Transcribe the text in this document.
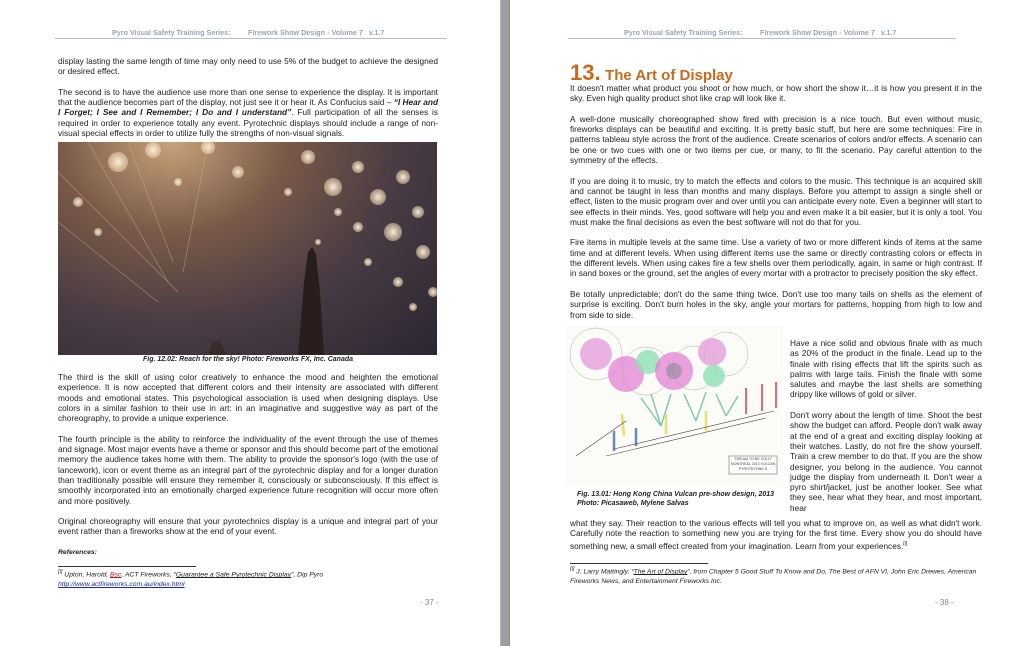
Pyro Visual Safety Training Series: Firework Show Design - Volume 7   v.1.7

display lasting the same length of time may only need to use 5% of the budget to achieve the designed or desired effect.

The second is to have the audience use more than one sense to experience the display. It is important that the audience becomes part of the display, not just see it or hear it. As Confucius said – “I Hear and I Forget; I See and I Remember; I Do and I understand”. Full participation of all the senses is required in order to experience totally any event. Pyrotechnic displays should include a range of non-visual special effects in order to utilize fully the strengths of non-visual signals.

Fig. 12.02: Reach for the sky! Photo: Fireworks FX, Inc. Canada

The third is the skill of using color creatively to enhance the mood and heighten the emotional experience. It is now accepted that different colors and their intensity are associated with different moods and emotional states. This psychological association is used when designing displays. Use colors in a similar fashion to their use in art: in an imaginative and suggestive way as part of the choreography, to provide a unique experience.

The fourth principle is the ability to reinforce the individuality of the event through the use of themes and signage. Most major events have a theme or sponsor and this should become part of the emotional memory the audience takes home with them. The ability to provide the sponsor's logo (with the use of lancework), icon or event theme as an integral part of the pyrotechnic display and for a longer duration than traditionally possible will ensure they remember it, consciously or subconsciously. If this effect is smoothly incorporated into an emotionally charged experience future recognition will occur more often and more positively.

Original choreography will ensure that your pyrotechnics display is a unique and integral part of your event rather than a fireworks show at the end of your event.

References:
[i] Upton, Harold, Bsc, ACT Fireworks, “Guarantee a Safe Pyrotechnic Display”, Dip Pyro
http://www.actfireworks.com.au/index.html
- 37 -
Pyro Visual Safety Training Series: Firework Show Design - Volume 7   v.1.7
13. The Art of Display

It doesn't matter what product you shoot or how much, or how short the show it…it is how you present it in the sky. Even high quality product shot like crap will look like it.

A well-done musically choreographed show fired with precision is a nice touch. But even without music, fireworks displays can be beautiful and exciting. It is pretty basic stuff, but here are some techniques: Fire in patterns tableau style across the front of the audience. Create scenarios of colors and/or effects. A scenario can be one or two cues with one or two items per cue, or many, to fit the scenario. Pay careful attention to the symmetry of the effects.

If you are doing it to music, try to match the effects and colors to the music. This technique is an acquired skill and cannot be taught in less than months and many displays. Before you attempt to assign a single shell or effect, listen to the music program over and over until you can anticipate every note. Even a beginner will start to see effects in their minds. Yes, good software will help you and even make it a bit easier, but it is only a tool. You must make the final decisions as even the best software will not do that for you.

Fire items in multiple levels at the same time. Use a variety of two or more different kinds of items at the same time and at different levels. When using different items use the same or directly contrasting colors or effects in the different levels. When using cakes fire a few shells over them periodically, again, in same or high contrast. If in sand boxes or the ground, set the angles of every mortar with a protractor to precisely position the sky effect.

Be totally unpredictable; don't do the same thing twice. Don't use too many tails on shells as the element of surprise is exciting. Don't burn holes in the sky, angle your mortars for patterns, hopping from high to low and from side to side.

"DREAM TO BE GOLD" MONTREAL 2013 VULCAN PYROTECHNICS

Have a nice solid and obvious finale with as much as 20% of the product in the finale. Lead up to the finale with rising effects that lift the spirits such as palms with large tails. Finish the finale with some salutes and maybe the last shells are something drippy like willows of gold or silver.

Don't worry about the length of time. Shoot the best show the budget can afford. People don't walk away at the end of a great and exciting display looking at their watches. Lastly, do not fire the show yourself. Train a crew member to do that. If you are the show designer, you belong in the audience. You cannot judge the display from underneath it. Don't wear a pyro shirt/jacket, just be another looker. See what they see, hear what they hear, and most important, hear

Fig. 13.01: Hong Kong China Vulcan pre-show design, 2013 Photo: Picasaweb, Mylene Salvas

what they say. Their reaction to the various effects will tell you what to improve on, as well as what didn't work. Carefully note the reaction to something new you are trying for the first time. Every show you do should have something new, a small effect created from your imagination. Learn from your experiences.[i]

[i] J. Larry Mattingly, “The Art of Display”, from Chapter 5 Good Stuff To Know and Do, The Best of AFN VI, John Eric Drewes, American Fireworks News, and Entertainment Fireworks Inc.
- 38 -
